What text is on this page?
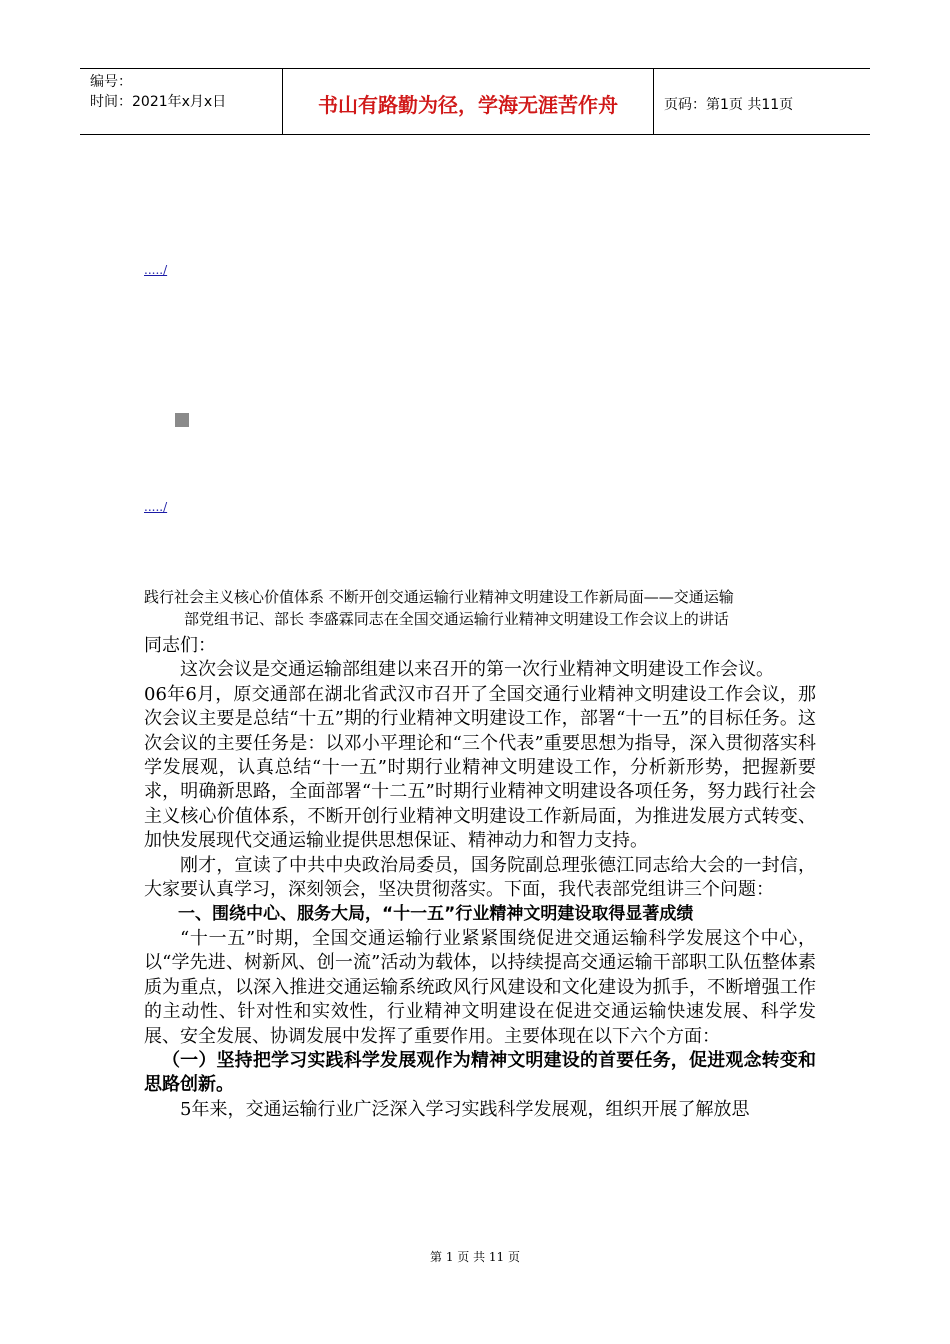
编号：
时间：2021年x月x日	书山有路勤为径，学海无涯苦作舟	页码：第1页 共11页
...../
...../
践行社会主义核心价值体系 不断开创交通运输行业精神文明建设工作新局面——交通运输
部党组书记、部长 李盛霖同志在全国交通运输行业精神文明建设工作会议上的讲话

同志们：

这次会议是交通运输部组建以来召开的第一次行业精神文明建设工作会议。

06年6月，原交通部在湖北省武汉市召开了全国交通行业精神文明建设工作会议，那次会议主要是总结“十五”期的行业精神文明建设工作，部署“十一五”的目标任务。这次会议的主要任务是：以邓小平理论和“三个代表”重要思想为指导，深入贯彻落实科学发展观，认真总结“十一五”时期行业精神文明建设工作，分析新形势，把握新要求，明确新思路，全面部署“十二五”时期行业精神文明建设各项任务，努力践行社会主义核心价值体系，不断开创行业精神文明建设工作新局面，为推进发展方式转变、加快发展现代交通运输业提供思想保证、精神动力和智力支持。

刚才，宣读了中共中央政治局委员，国务院副总理张德江同志给大会的一封信，大家要认真学习，深刻领会，坚决贯彻落实。下面，我代表部党组讲三个问题：

一、围绕中心、服务大局，“十一五”行业精神文明建设取得显著成绩

“十一五”时期，全国交通运输行业紧紧围绕促进交通运输科学发展这个中心，以“学先进、树新风、创一流”活动为载体，以持续提高交通运输干部职工队伍整体素质为重点，以深入推进交通运输系统政风行风建设和文化建设为抓手，不断增强工作的主动性、针对性和实效性，行业精神文明建设在促进交通运输快速发展、科学发展、安全发展、协调发展中发挥了重要作用。主要体现在以下六个方面：

（一）坚持把学习实践科学发展观作为精神文明建设的首要任务，促进观念转变和思路创新。

5年来，交通运输行业广泛深入学习实践科学发展观，组织开展了解放思

第 1 页 共 11 页
